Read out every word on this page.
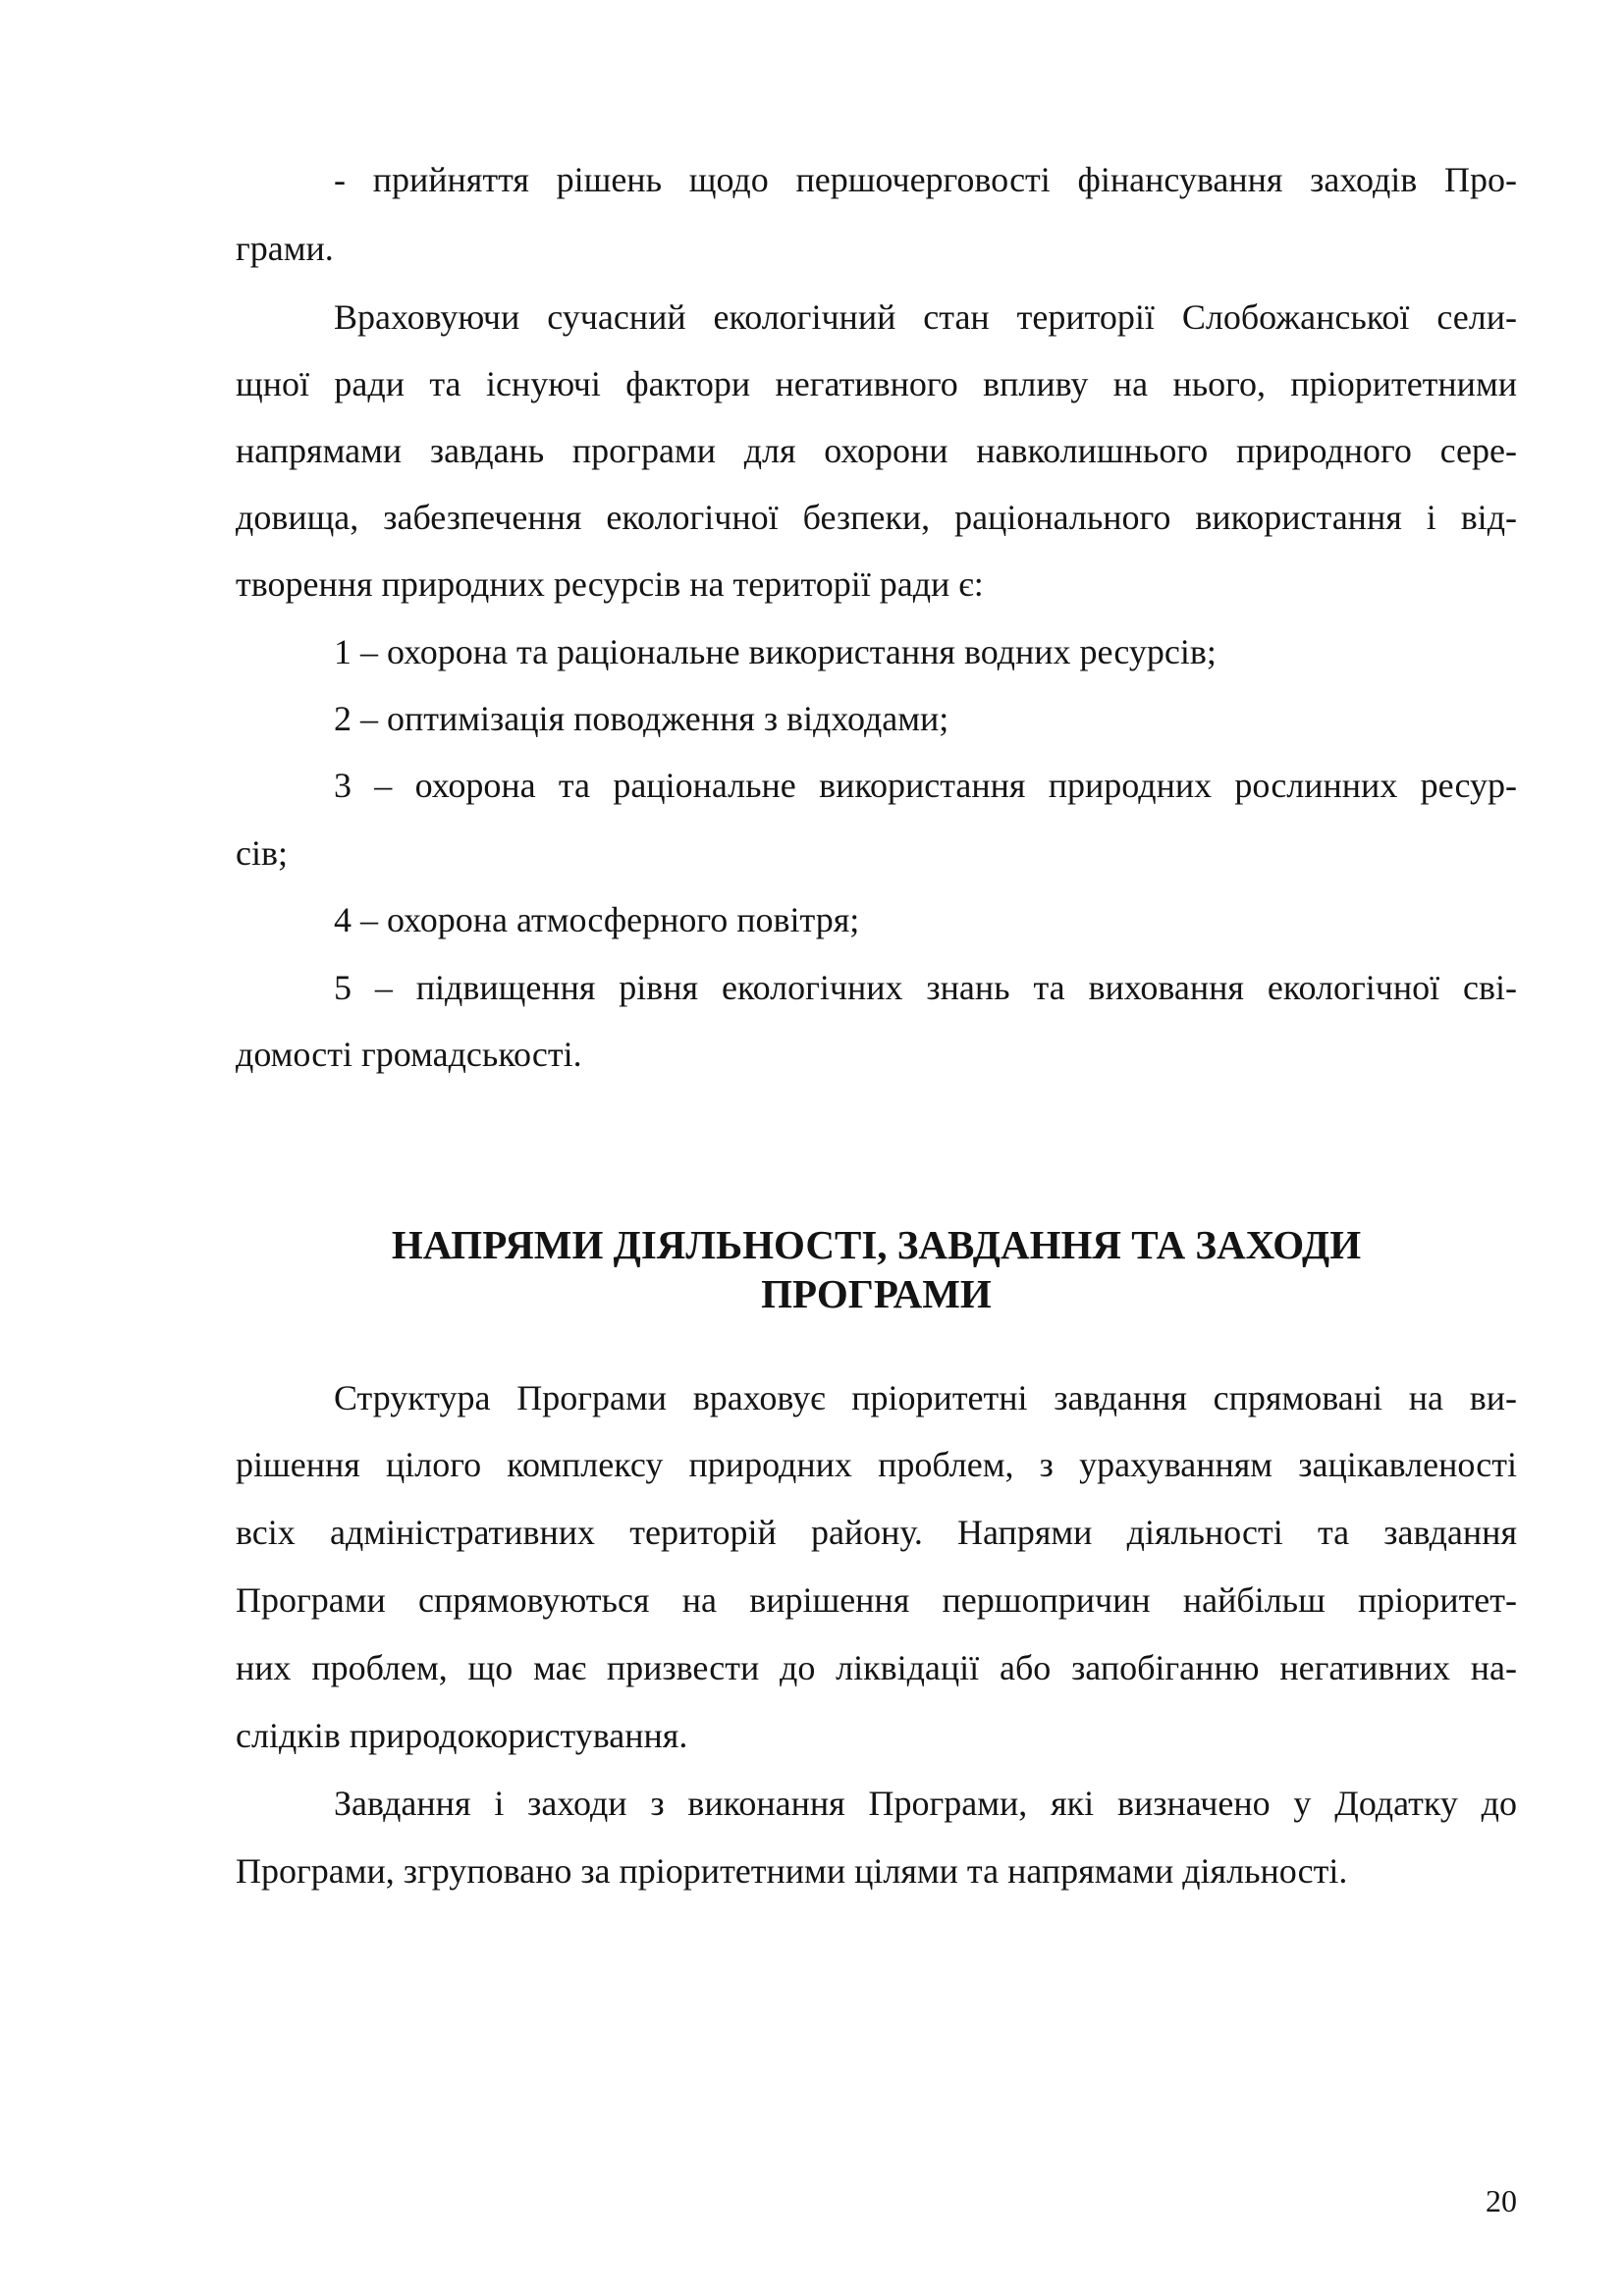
- прийняття рішень щодо першочерговості фінансування заходів Про-
грами.
Враховуючи сучасний екологічний стан території Слобожанської сели-
щної ради та існуючі фактори негативного впливу на нього, пріоритетними
напрямами завдань програми для охорони навколишнього природного сере-
довища, забезпечення екологічної безпеки, раціонального використання і від-
творення природних ресурсів на території ради є:
1 – охорона та раціональне використання водних ресурсів;
2 – оптимізація поводження з відходами;
3 – охорона та раціональне використання природних рослинних ресур-
сів;
4 – охорона атмосферного повітря;
5 – підвищення рівня екологічних знань та виховання екологічної сві-
домості громадськості.
НАПРЯМИ ДІЯЛЬНОСТІ, ЗАВДАННЯ ТА ЗАХОДИ
ПРОГРАМИ
Структура Програми враховує пріоритетні завдання спрямовані на ви-
рішення цілого комплексу природних проблем, з урахуванням зацікавленості
всіх адміністративних територій району. Напрями діяльності та завдання
Програми спрямовуються на вирішення першопричин найбільш пріоритет-
них проблем, що має призвести до ліквідації або запобіганню негативних на-
слідків природокористування.
Завдання і заходи з виконання Програми, які визначено у Додатку до
Програми, згруповано за пріоритетними цілями та напрямами діяльності.
20
